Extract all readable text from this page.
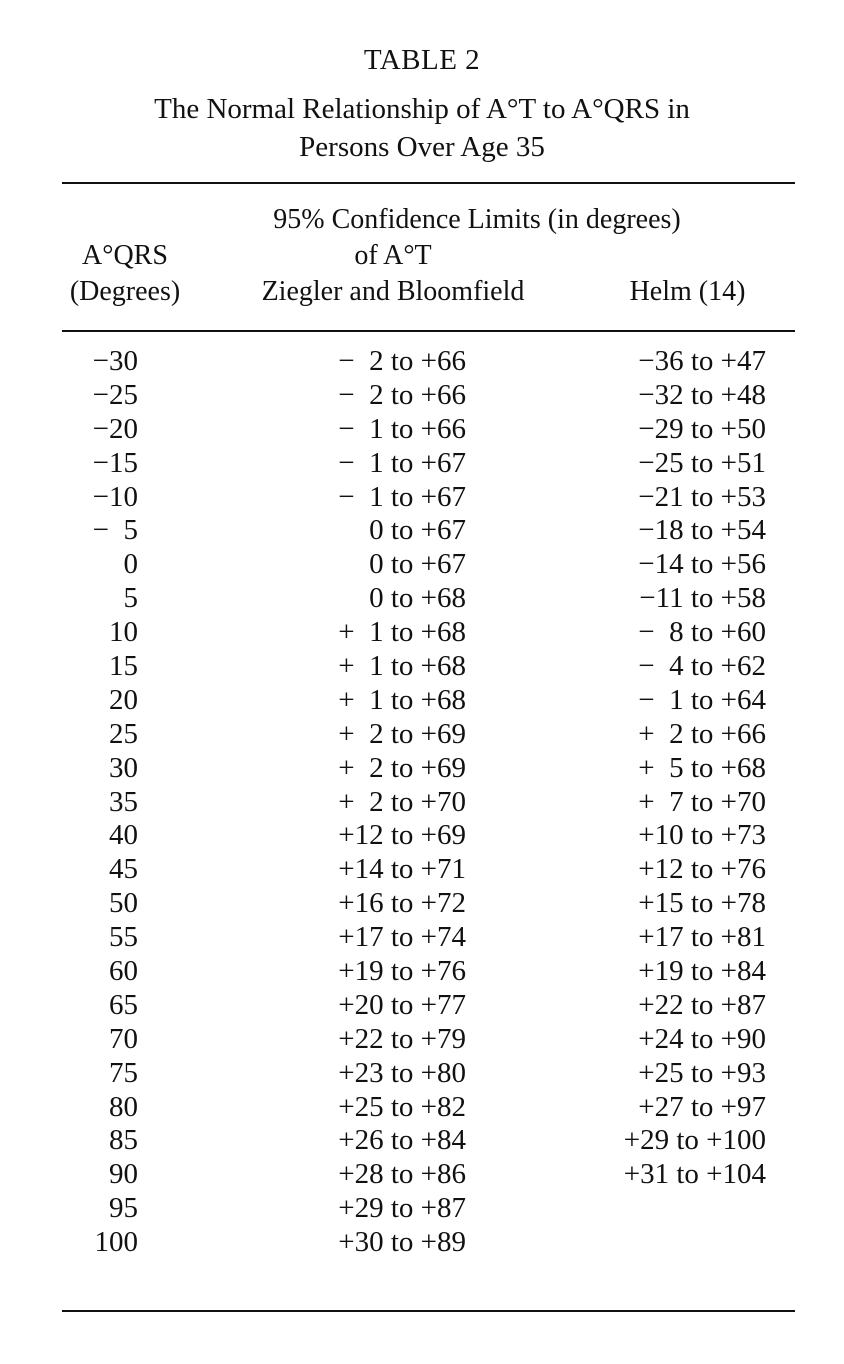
TABLE 2
The Normal Relationship of A°T to A°QRS in
Persons Over Age 35
95% Confidence Limits (in degrees)
A°QRS	of A°T
(Degrees)	Ziegler and Bloomfield	Helm (14)
−30	−  2 to +66	−36 to +47
−25	−  2 to +66	−32 to +48
−20	−  1 to +66	−29 to +50
−15	−  1 to +67	−25 to +51
−10	−  1 to +67	−21 to +53
−  5	0 to +67	−18 to +54
0	0 to +67	−14 to +56
5	0 to +68	−11 to +58
10	+  1 to +68	−  8 to +60
15	+  1 to +68	−  4 to +62
20	+  1 to +68	−  1 to +64
25	+  2 to +69	+  2 to +66
30	+  2 to +69	+  5 to +68
35	+  2 to +70	+  7 to +70
40	+12 to +69	+10 to +73
45	+14 to +71	+12 to +76
50	+16 to +72	+15 to +78
55	+17 to +74	+17 to +81
60	+19 to +76	+19 to +84
65	+20 to +77	+22 to +87
70	+22 to +79	+24 to +90
75	+23 to +80	+25 to +93
80	+25 to +82	+27 to +97
85	+26 to +84	+29 to +100
90	+28 to +86	+31 to +104
95	+29 to +87
100	+30 to +89
